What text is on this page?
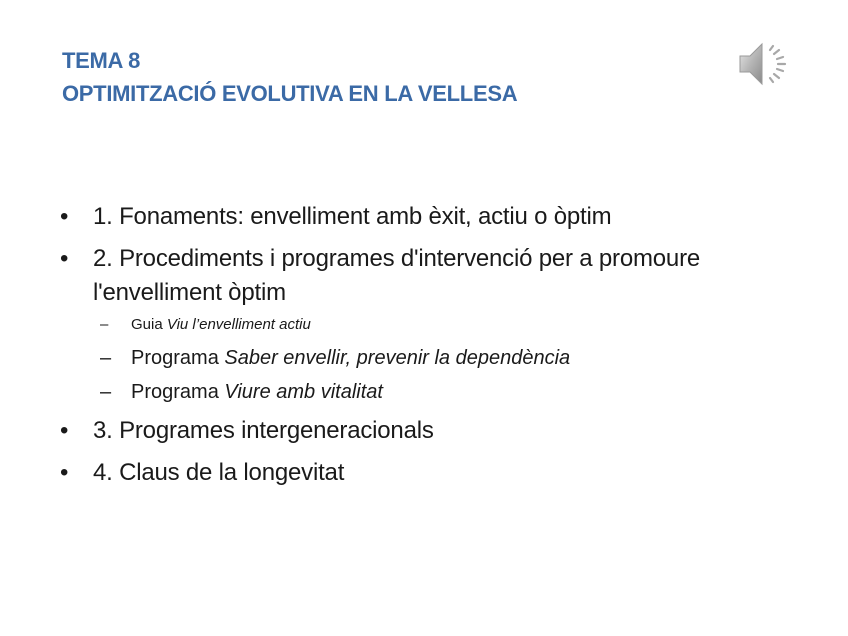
TEMA 8
OPTIMITZACIÓ EVOLUTIVA EN LA VELLESA
• 1. Fonaments: envelliment amb èxit, actiu o òptim
• 2. Procediments i programes d'intervenció per a promoure l'envelliment òptim
– Guia Viu l’envelliment actiu
– Programa Saber envellir, prevenir la dependència
– Programa Viure amb vitalitat
• 3. Programes intergeneracionals
• 4. Claus de la longevitat
